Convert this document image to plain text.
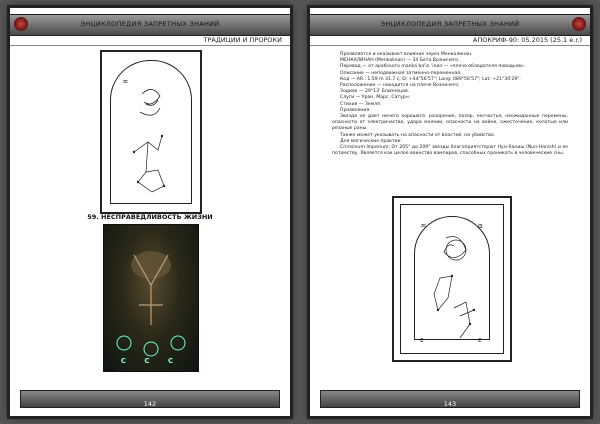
ЭНЦИКЛОПЕДИЯ ЗАПРЕТНЫХ ЗНАНИЙ
ТРАДИЦИИ И ПРОРОКИ
♒
59. НЕСПРАВЕДЛИВОСТЬ ЖИЗНИ
С С С
142
ЭНЦИКЛОПЕДИЯ ЗАПРЕТНЫХ ЗНАНИЙ
АПОКРИФ-90: 05.2015 (25.1 e.r.)

Проявляется и оказывает влияние через Менкалинан.

МЕНКАЛИНАН (Menkalinan) — 34 Бета Возничего.

Перевод — от арабского manka ba'in 'inan — «плечо обладателя поводьев».

Описание — неподвижная затменно-переменная.

Код — AR.: 1.59 m 31.7 c; D: +44°56'57"; Long: 089°56'57"; Lat: +21°30'29".

Расположение — находится на плече Возничего.

Зодиак — 29°13' Близнецов.

Слуги — Уран, Марс, Сатурн.

Стихия — Земля.

Проявления:

Звезда не дает ничего хорошего: разорение, позор, несчастья, неожиданные перемены, опасности от электричества, удара молнии, опасности на войне, ожесточение, колотые или резаные раны.

Также может указывать на опасности от властей, на убийство.

Для магических практик:

Crimsinum Imperium: От 205° до 209° звезды благоприятствуют Нун-Ханиш (Nun-Hanish) и ее потомству. Является как целое воинство вампиров, способных проникать в человеческие сны.

♒	α
ε	ε
143
